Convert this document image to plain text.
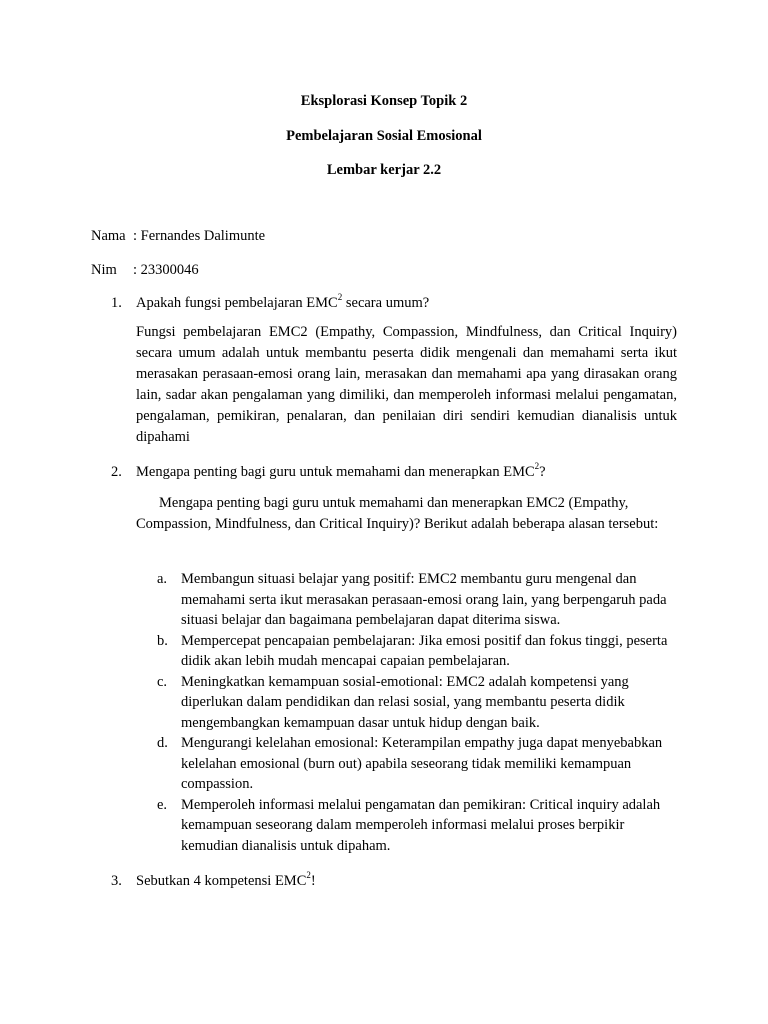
Eksplorasi Konsep Topik 2
Pembelajaran Sosial Emosional
Lembar kerjar 2.2
Nama : Fernandes Dalimunte
Nim : 23300046
1. Apakah fungsi pembelajaran EMC$^2$ secara umum?
Fungsi pembelajaran EMC2 (Empathy, Compassion, Mindfulness, dan Critical Inquiry) secara umum adalah untuk membantu peserta didik mengenali dan memahami serta ikut merasakan perasaan-emosi orang lain, merasakan dan memahami apa yang dirasakan orang lain, sadar akan pengalaman yang dimiliki, dan memperoleh informasi melalui pengamatan, pengalaman, pemikiran, penalaran, dan penilaian diri sendiri kemudian dianalisis untuk dipahami
2. Mengapa penting bagi guru untuk memahami dan menerapkan EMC$^2$?
Mengapa penting bagi guru untuk memahami dan menerapkan EMC2 (Empathy, Compassion, Mindfulness, dan Critical Inquiry)? Berikut adalah beberapa alasan tersebut:
a. Membangun situasi belajar yang positif: EMC2 membantu guru mengenal dan memahami serta ikut merasakan perasaan-emosi orang lain, yang berpengaruh pada situasi belajar dan bagaimana pembelajaran dapat diterima siswa.
b. Mempercepat pencapaian pembelajaran: Jika emosi positif dan fokus tinggi, peserta didik akan lebih mudah mencapai capaian pembelajaran.
c. Meningkatkan kemampuan sosial-emotional: EMC2 adalah kompetensi yang diperlukan dalam pendidikan dan relasi sosial, yang membantu peserta didik mengembangkan kemampuan dasar untuk hidup dengan baik.
d. Mengurangi kelelahan emosional: Keterampilan empathy juga dapat menyebabkan kelelahan emosional (burn out) apabila seseorang tidak memiliki kemampuan compassion.
e. Memperoleh informasi melalui pengamatan dan pemikiran: Critical inquiry adalah kemampuan seseorang dalam memperoleh informasi melalui proses berpikir kemudian dianalisis untuk dipaham.
3. Sebutkan 4 kompetensi EMC$^2$!
